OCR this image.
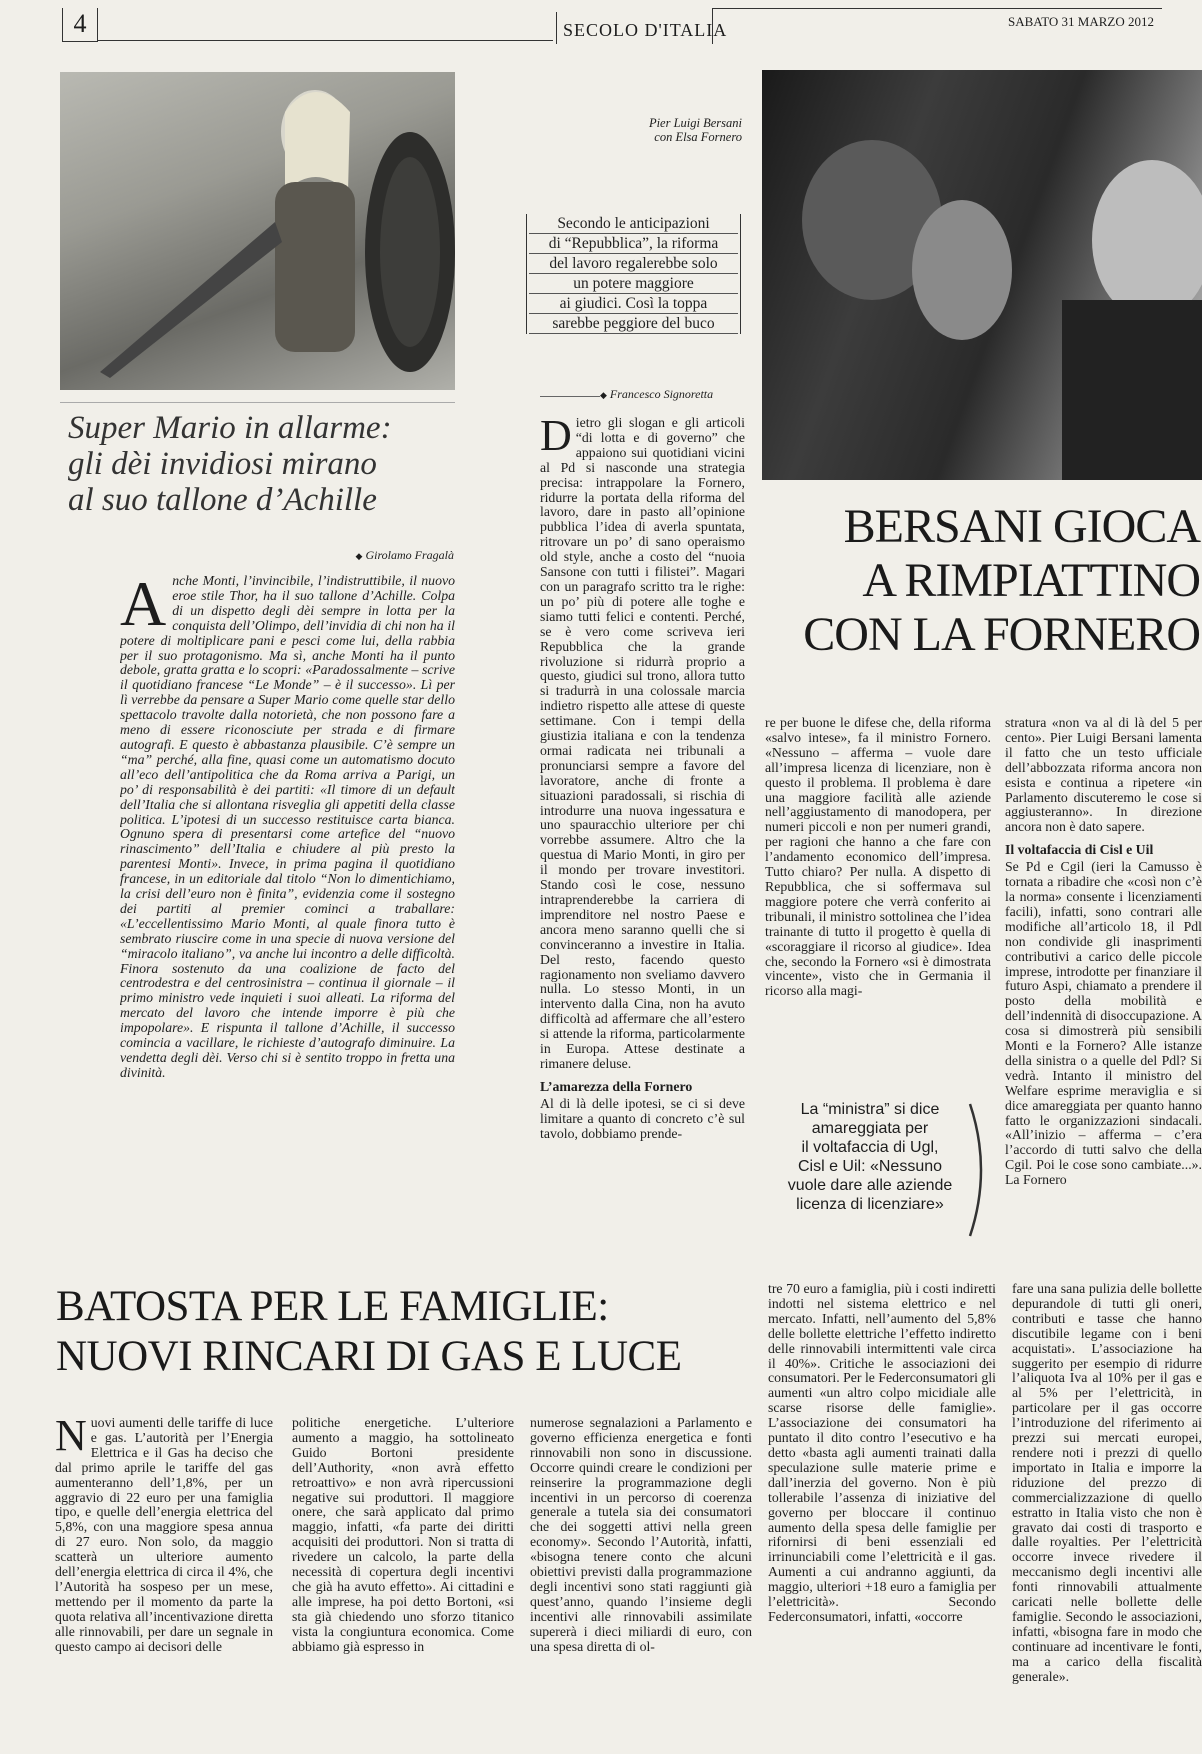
4	SECOLO D'ITALIA	SABATO 31 MARZO 2012
Super Mario in allarme:
gli dèi invidiosi mirano
al suo tallone d’Achille
◆ Girolamo Fragalà
A nche Monti, l’invincibile, l’indistruttibile, il nuovo eroe stile Thor, ha il suo tallone d’Achille. Colpa di un dispetto degli dèi sempre in lotta per la conquista dell’Olimpo, dell’invidia di chi non ha il potere di moltiplicare pani e pesci come lui, della rabbia per il suo protagonismo. Ma sì, anche Monti ha il punto debole, gratta gratta e lo scopri: «Paradossalmente – scrive il quotidiano francese “Le Monde” – è il successo». Lì per lì verrebbe da pensare a Super Mario come quelle star dello spettacolo travolte dalla notorietà, che non possono fare a meno di essere riconosciute per strada e di firmare autografi. E questo è abbastanza plausibile. C’è sempre un “ma” perché, alla fine, quasi come un automatismo docuto all’eco dell’antipolitica che da Roma arriva a Parigi, un po’ di responsabilità è dei partiti: «Il timore di un default dell’Italia che si allontana risveglia gli appetiti della classe politica. L’ipotesi di un successo restituisce carta bianca. Ognuno spera di presentarsi come artefice del “nuovo rinascimento” dell’Italia e chiudere al più presto la parentesi Monti». Invece, in prima pagina il quotidiano francese, in un editoriale dal titolo “Non lo dimentichiamo, la crisi dell’euro non è finita”, evidenzia come il sostegno dei partiti al premier cominci a traballare: «L’eccellentissimo Mario Monti, al quale finora tutto è sembrato riuscire come in una specie di nuova versione del “miracolo italiano”, va anche lui incontro a delle difficoltà. Finora sostenuto da una coalizione de facto del centrodestra e del centrosinistra – continua il giornale – il primo ministro vede inquieti i suoi alleati. La riforma del mercato del lavoro che intende imporre è più che impopolare». E rispunta il tallone d’Achille, il successo comincia a vacillare, le richieste d’autografo diminuire. La vendetta degli dèi. Verso chi si è sentito troppo in fretta una divinità.
Pier Luigi Bersani
con Elsa Fornero
Secondo le anticipazioni
di “Repubblica”, la riforma
del lavoro regalerebbe solo
un potere maggiore
ai giudici. Così la toppa
sarebbe peggiore del buco
◆ Francesco Signoretta
BERSANI GIOCA
A RIMPIATTINO
CON LA FORNERO
D ietro gli slogan e gli articoli “di lotta e di governo” che appaiono sui quotidiani vicini al Pd si nasconde una strategia precisa: intrappolare la Fornero, ridurre la portata della riforma del lavoro, dare in pasto all’opinione pubblica l’idea di averla spuntata, ritrovare un po’ di sano operaismo old style, anche a costo del “nuoia Sansone con tutti i filistei”. Magari con un paragrafo scritto tra le righe: un po’ più di potere alle toghe e siamo tutti felici e contenti. Perché, se è vero come scriveva ieri Repubblica che la grande rivoluzione si ridurrà proprio a questo, giudici sul trono, allora tutto si tradurrà in una colossale marcia indietro rispetto alle attese di queste settimane. Con i tempi della giustizia italiana e con la tendenza ormai radicata nei tribunali a pronunciarsi sempre a favore del lavoratore, anche di fronte a situazioni paradossali, si rischia di introdurre una nuova ingessatura e uno spauracchio ulteriore per chi vorrebbe assumere. Altro che la questua di Mario Monti, in giro per il mondo per trovare investitori. Stando così le cose, nessuno intraprenderebbe la carriera di imprenditore nel nostro Paese e ancora meno saranno quelli che si convinceranno a investire in Italia. Del resto, facendo questo ragionamento non sveliamo davvero nulla. Lo stesso Monti, in un intervento dalla Cina, non ha avuto difficoltà ad affermare che all’estero si attende la riforma, particolarmente in Europa. Attese destinate a rimanere deluse.

L’amarezza della Fornero

Al di là delle ipotesi, se ci si deve limitare a quanto di concreto c’è sul tavolo, dobbiamo prende-

re per buone le difese che, della riforma «salvo intese», fa il ministro Fornero. «Nessuno – afferma – vuole dare all’impresa licenza di licenziare, non è questo il problema. Il problema è dare una maggiore facilità alle aziende nell’aggiustamento di manodopera, per numeri piccoli e non per numeri grandi, per ragioni che hanno a che fare con l’andamento economico dell’impresa. Tutto chiaro? Per nulla. A dispetto di Repubblica, che si soffermava sul maggiore potere che verrà conferito ai tribunali, il ministro sottolinea che l’idea trainante di tutto il progetto è quella di «scoraggiare il ricorso al giudice». Idea che, secondo la Fornero «si è dimostrata vincente», visto che in Germania il ricorso alla magi-

La “ministra” si dice
amareggiata per
il voltafaccia di Ugl,
Cisl e Uil: «Nessuno
vuole dare alle aziende
licenza di licenziare»

stratura «non va al di là del 5 per cento». Pier Luigi Bersani lamenta il fatto che un testo ufficiale dell’abbozzata riforma ancora non esista e continua a ripetere «in Parlamento discuteremo le cose si aggiusteranno». In direzione ancora non è dato sapere.

Il voltafaccia di Cisl e Uil

Se Pd e Cgil (ieri la Camusso è tornata a ribadire che «così non c’è la norma» consente i licenziamenti facili), infatti, sono contrari alle modifiche all’articolo 18, il Pdl non condivide gli inasprimenti contributivi a carico delle piccole imprese, introdotte per finanziare il futuro Aspi, chiamato a prendere il posto della mobilità e dell’indennità di disoccupazione. A cosa si dimostrerà più sensibili Monti e la Fornero? Alle istanze della sinistra o a quelle del Pdl? Si vedrà. Intanto il ministro del Welfare esprime meraviglia e si dice amareggiata per quanto hanno fatto le organizzazioni sindacali. «All’inizio – afferma – c’era l’accordo di tutti salvo che della Cgil. Poi le cose sono cambiate...». La Fornero

BATOSTA PER LE FAMIGLIE:
NUOVI RINCARI DI GAS E LUCE
N uovi aumenti delle tariffe di luce e gas. L’autorità per l’Energia Elettrica e il Gas ha deciso che dal primo aprile le tariffe del gas aumenteranno dell’1,8%, per un aggravio di 22 euro per una famiglia tipo, e quelle dell’energia elettrica del 5,8%, con una maggiore spesa annua di 27 euro. Non solo, da maggio scatterà un ulteriore aumento dell’energia elettrica di circa il 4%, che l’Autorità ha sospeso per un mese, mettendo per il momento da parte la quota relativa all’incentivazione diretta alle rinnovabili, per dare un segnale in questo campo ai decisori delle

politiche energetiche. L’ulteriore aumento a maggio, ha sottolineato Guido Bortoni presidente dell’Authority, «non avrà effetto retroattivo» e non avrà ripercussioni negative sui produttori. Il maggiore onere, che sarà applicato dal primo maggio, infatti, «fa parte dei diritti acquisiti dei produttori. Non si tratta di rivedere un calcolo, la parte della necessità di copertura degli incentivi che già ha avuto effetto». Ai cittadini e alle imprese, ha poi detto Bortoni, «si sta già chiedendo uno sforzo titanico vista la congiuntura economica. Come abbiamo già espresso in

numerose segnalazioni a Parlamento e governo efficienza energetica e fonti rinnovabili non sono in discussione. Occorre quindi creare le condizioni per reinserire la programmazione degli incentivi in un percorso di coerenza generale a tutela sia dei consumatori che dei soggetti attivi nella green economy». Secondo l’Autorità, infatti, «bisogna tenere conto che alcuni obiettivi previsti dalla programmazione degli incentivi sono stati raggiunti già quest’anno, quando l’insieme degli incentivi alle rinnovabili assimilate supererà i dieci miliardi di euro, con una spesa diretta di ol-

tre 70 euro a famiglia, più i costi indiretti indotti nel sistema elettrico e nel mercato. Infatti, nell’aumento del 5,8% delle bollette elettriche l’effetto indiretto delle rinnovabili intermittenti vale circa il 40%». Critiche le associazioni dei consumatori. Per le Federconsumatori gli aumenti «un altro colpo micidiale alle scarse risorse delle famiglie». L’associazione dei consumatori ha puntato il dito contro l’esecutivo e ha detto «basta agli aumenti trainati dalla speculazione sulle materie prime e dall’inerzia del governo. Non è più tollerabile l’assenza di iniziative del governo per bloccare il continuo aumento della spesa delle famiglie per rifornirsi di beni essenziali ed irrinunciabili come l’elettricità e il gas. Aumenti a cui andranno aggiunti, da maggio, ulteriori +18 euro a famiglia per l’elettricità». Secondo Federconsumatori, infatti, «occorre

fare una sana pulizia delle bollette depurandole di tutti gli oneri, contributi e tasse che hanno discutibile legame con i beni acquistati». L’associazione ha suggerito per esempio di ridurre l’aliquota Iva al 10% per il gas e al 5% per l’elettricità, in particolare per il gas occorre l’introduzione del riferimento ai prezzi sui mercati europei, rendere noti i prezzi di quello importato in Italia e imporre la riduzione del prezzo di commercializzazione di quello estratto in Italia visto che non è gravato dai costi di trasporto e dalle royalties. Per l’elettricità occorre invece rivedere il meccanismo degli incentivi alle fonti rinnovabili attualmente caricati nelle bollette delle famiglie. Secondo le associazioni, infatti, «bisogna fare in modo che continuare ad incentivare le fonti, ma a carico della fiscalità generale».
